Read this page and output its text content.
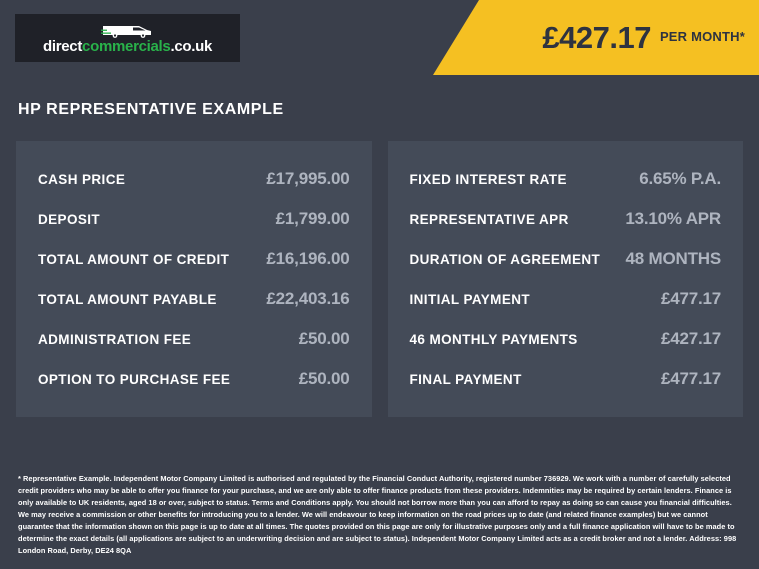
directcommercials.co.uk	£427.17 PER MONTH*
HP REPRESENTATIVE EXAMPLE
CASH PRICE	£17,995.00
DEPOSIT	£1,799.00
TOTAL AMOUNT OF CREDIT £16,196.00
TOTAL AMOUNT PAYABLE	£22,403.16
ADMINISTRATION FEE	£50.00
OPTION TO PURCHASE FEE	£50.00
FIXED INTEREST RATE	6.65% P.A.
REPRESENTATIVE APR	13.10% APR
DURATION OF AGREEMENT 48 MONTHS
INITIAL PAYMENT	£477.17
46 MONTHLY PAYMENTS	£427.17
FINAL PAYMENT	£477.17
* Representative Example. Independent Motor Company Limited is authorised and regulated by the Financial Conduct Authority, registered number 736929. We work with a number of carefully selected credit providers who may be able to offer you finance for your purchase, and we are only able to offer finance products from these providers. Indemnities may be required by certain lenders. Finance is only available to UK residents, aged 18 or over, subject to status. Terms and Conditions apply. You should not borrow more than you can afford to repay as doing so can cause you financial difficulties. We may receive a commission or other benefits for introducing you to a lender. We will endeavour to keep information on the road prices up to date (and related finance examples) but we cannot guarantee that the information shown on this page is up to date at all times. The quotes provided on this page are only for illustrative purposes only and a full finance application will have to be made to determine the exact details (all applications are subject to an underwriting decision and are subject to status). Independent Motor Company Limited acts as a credit broker and not a lender. Address: 998 London Road, Derby, DE24 8QA
